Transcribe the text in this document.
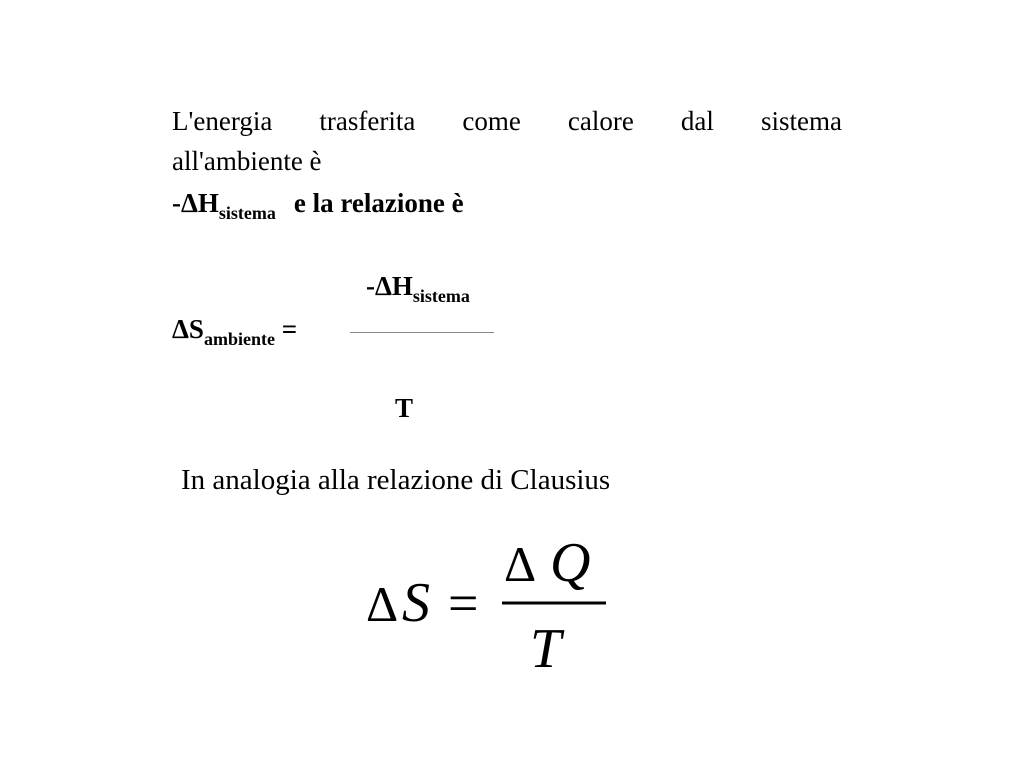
L'energia trasferita come calore dal sistema
all'ambiente è
$-\Delta H_{sistema}$ e la relazione è
$-\Delta H_{sistema}$
$\Delta S_{ambiente}$ =
T
In analogia alla relazione di Clausius
Δ S =
Δ Q
T
